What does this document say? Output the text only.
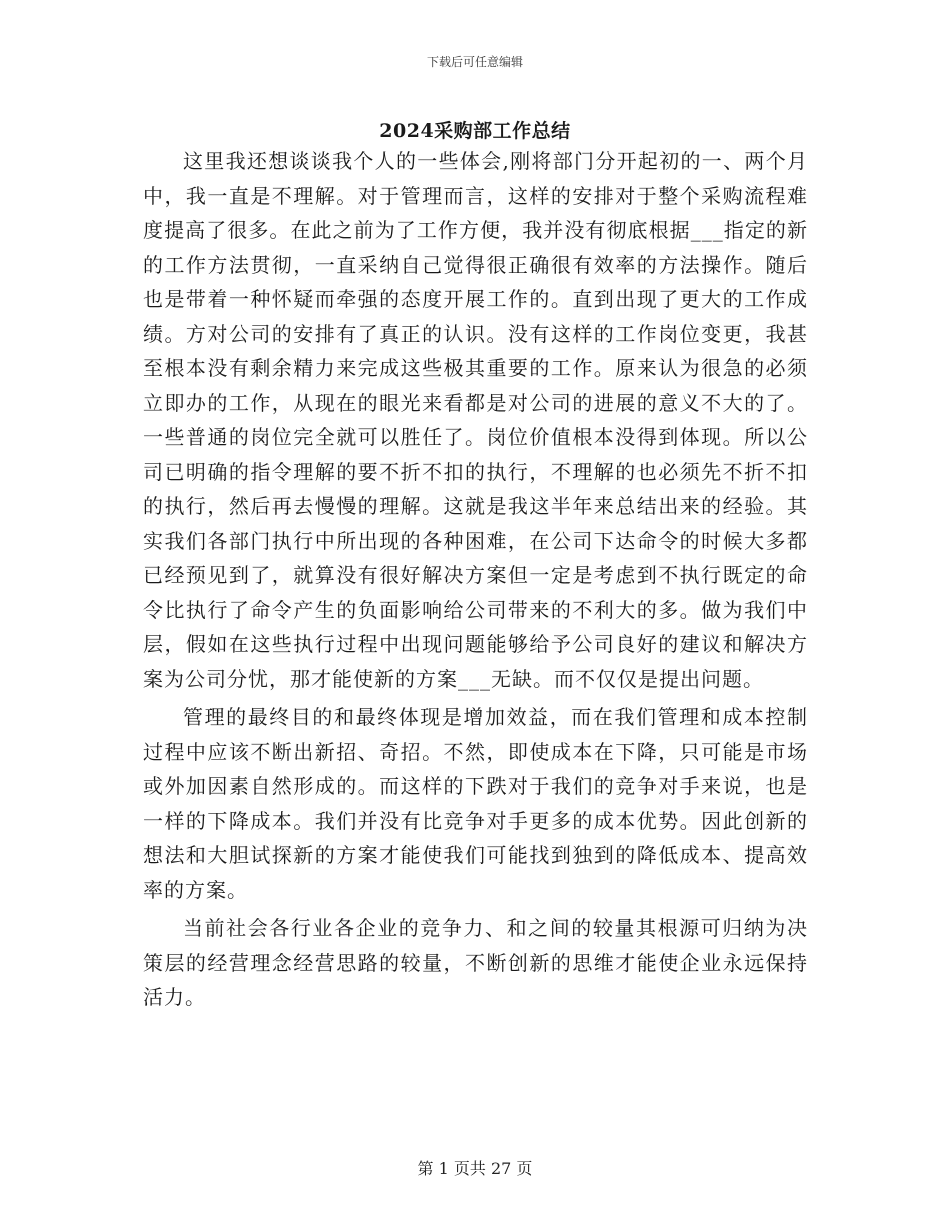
下载后可任意编辑
2024采购部工作总结

这里我还想谈谈我个人的一些体会,刚将部门分开起初的一、两个月中，我一直是不理解。对于管理而言，这样的安排对于整个采购流程难度提高了很多。在此之前为了工作方便，我并没有彻底根据___指定的新的工作方法贯彻，一直采纳自己觉得很正确很有效率的方法操作。随后也是带着一种怀疑而牵强的态度开展工作的。直到出现了更大的工作成绩。方对公司的安排有了真正的认识。没有这样的工作岗位变更，我甚至根本没有剩余精力来完成这些极其重要的工作。原来认为很急的必须立即办的工作，从现在的眼光来看都是对公司的进展的意义不大的了。一些普通的岗位完全就可以胜任了。岗位价值根本没得到体现。所以公司已明确的指令理解的要不折不扣的执行，不理解的也必须先不折不扣的执行，然后再去慢慢的理解。这就是我这半年来总结出来的经验。其实我们各部门执行中所出现的各种困难，在公司下达命令的时候大多都已经预见到了，就算没有很好解决方案但一定是考虑到不执行既定的命令比执行了命令产生的负面影响给公司带来的不利大的多。做为我们中层，假如在这些执行过程中出现问题能够给予公司良好的建议和解决方案为公司分忧，那才能使新的方案___无缺。而不仅仅是提出问题。

管理的最终目的和最终体现是增加效益，而在我们管理和成本控制过程中应该不断出新招、奇招。不然，即使成本在下降，只可能是市场或外加因素自然形成的。而这样的下跌对于我们的竞争对手来说，也是一样的下降成本。我们并没有比竞争对手更多的成本优势。因此创新的想法和大胆试探新的方案才能使我们可能找到独到的降低成本、提高效率的方案。

当前社会各行业各企业的竞争力、和之间的较量其根源可归纳为决策层的经营理念经营思路的较量，不断创新的思维才能使企业永远保持活力。

第 1 页共 27 页
